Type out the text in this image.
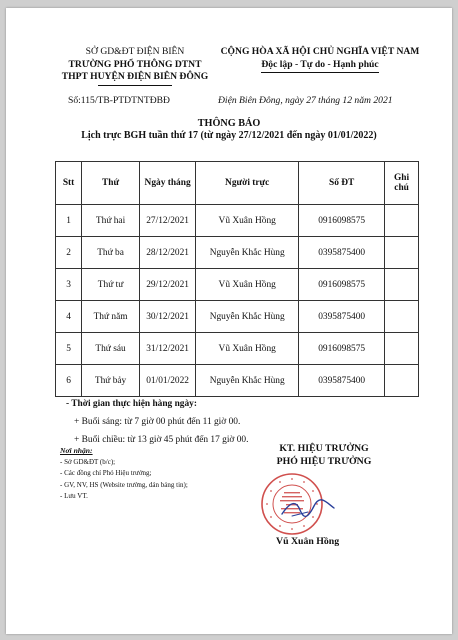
SỞ GD&ĐT ĐIỆN BIÊN
TRƯỜNG PHỔ THÔNG DTNT
THPT HUYỆN ĐIỆN BIÊN ĐÔNG
CỘNG HÒA XÃ HỘI CHỦ NGHĨA VIỆT NAM
Độc lập - Tự do - Hạnh phúc
Số:115/TB-PTDTNTĐBĐ	Điện Biên Đông, ngày 27 tháng 12 năm 2021
THÔNG BÁO
Lịch trực BGH tuần thứ 17 (từ ngày 27/12/2021 đến ngày 01/01/2022)
Stt	Thứ	Ngày tháng	Người trực	Số ĐT	Ghi chú
1	Thứ hai	27/12/2021	Vũ Xuân Hồng	0916098575	
2	Thứ ba	28/12/2021	Nguyễn Khắc Hùng	0395875400	
3	Thứ tư	29/12/2021	Vũ Xuân Hồng	0916098575	
4	Thứ năm	30/12/2021	Nguyễn Khắc Hùng	0395875400	
5	Thứ sáu	31/12/2021	Vũ Xuân Hồng	0916098575	
6	Thứ bảy	01/01/2022	Nguyễn Khắc Hùng	0395875400	
- Thời gian thực hiện hàng ngày:
+ Buổi sáng: từ 7 giờ 00 phút đến 11 giờ 00.
+ Buổi chiều: từ 13 giờ 45 phút đến 17 giờ 00.
Nơi nhận:
- Sở GD&ĐT (b/c);
- Các đồng chí Phó Hiệu trưởng;
- GV, NV, HS (Website trường, dán bảng tin);
- Lưu VT.
KT. HIỆU TRƯỞNG
PHÓ HIỆU TRƯỞNG
Vũ Xuân Hồng
